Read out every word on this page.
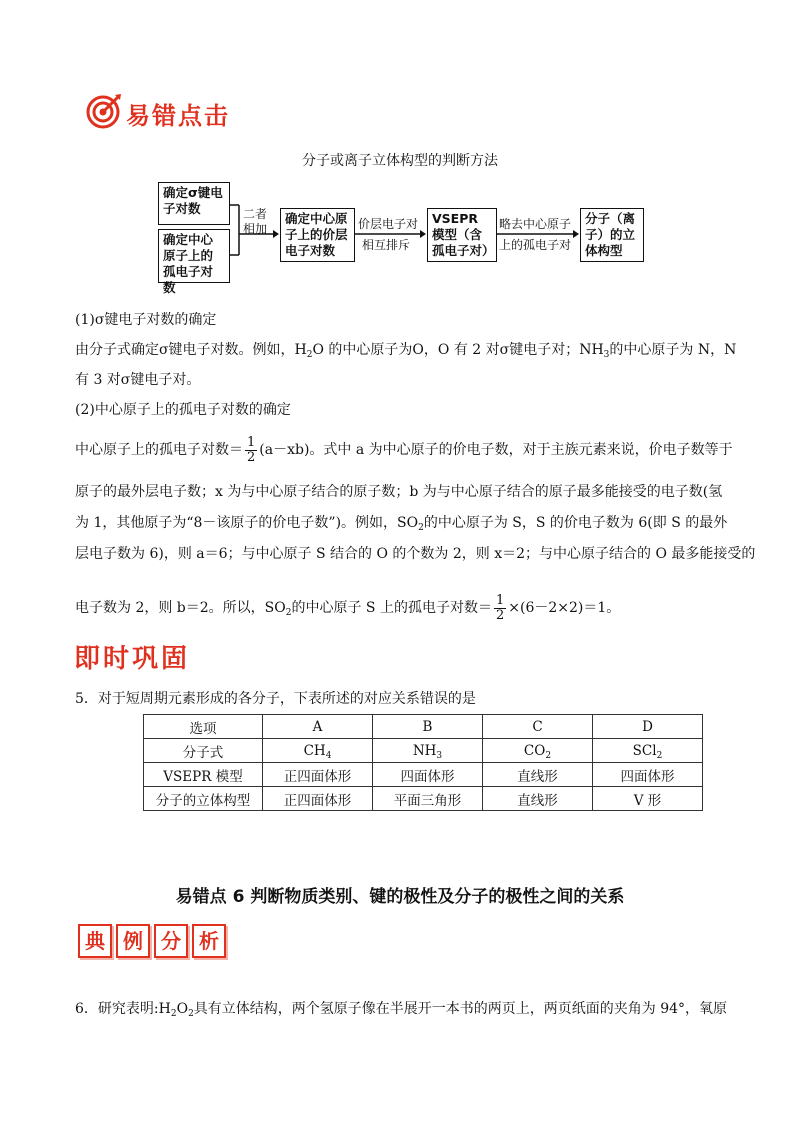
易错点击
分子或离子立体构型的判断方法
确定σ键电子对数
确定中心原子上的孤电子对数
二者相加
确定中心原子上的价层电子对数
价层电子对
相互排斥
VSEPR 模型（含孤电子对）
略去中心原子
上的孤电子对
分子（离子）的立体构型
(1)σ键电子对数的确定
由分子式确定σ键电子对数。例如，$H_2O$ 的中心原子为O，O 有 2 对σ键电子对；$NH_3$的中心原子为 N，N
有 3 对σ键电子对。
(2)中心原子上的孤电子对数的确定
中心原子上的孤电子对数＝ $\frac{1}{2} (a-xb)$。式中 a 为中心原子的价电子数，对于主族元素来说，价电子数等于
原子的最外层电子数；x 为与中心原子结合的原子数；b 为与中心原子结合的原子最多能接受的电子数(氢
为 1，其他原子为“8－该原子的价电子数”)。例如，$SO_2$的中心原子为 S，S 的价电子数为 6(即 S 的最外
层电子数为 6)，则 a＝6；与中心原子 S 结合的 O 的个数为 2，则 x＝2；与中心原子结合的 O 最多能接受的
电子数为 2，则 b＝2。所以，$SO_2$的中心原子 S 上的孤电子对数＝ $\frac{1}{2} \times(6-2\times 2)=1$。
即时巩固
5．对于短周期元素形成的各分子，下表所述的对应关系错误的是
选项	A	B	C	D
分子式	$CH_4$	$NH_3$	$CO_2$	SCl$_2$
VSEPR 模型	正四面体形	四面体形	直线形	四面体形
分子的立体构型	正四面体形	平面三角形	直线形	V 形
易错点 6 判断物质类别、键的极性及分子的极性之间的关系
典 例 分 析
6．研究表明$:H_2O_2$具有立体结构，两个氢原子像在半展开一本书的两页上，两页纸面的夹角为 94°，氧原
